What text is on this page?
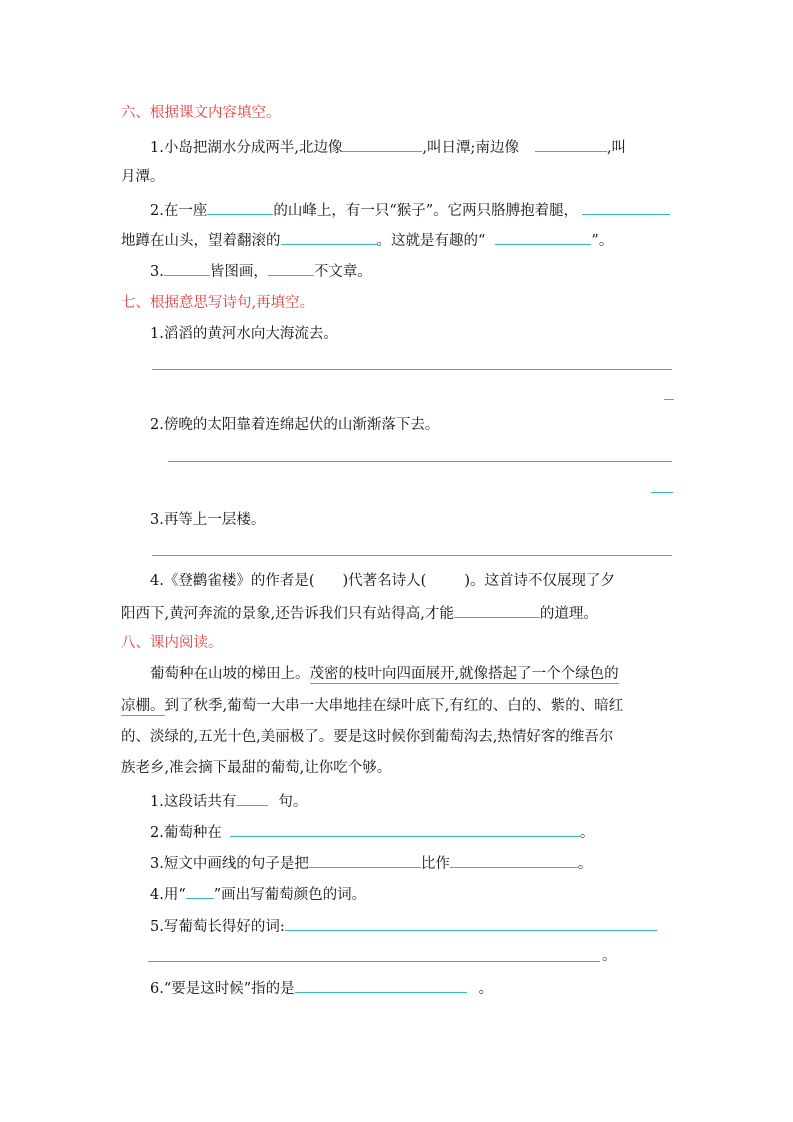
六、根据课文内容填空。
1.小岛把湖水分成两半,北边像	,叫日潭;南边像	,叫
月潭。
2.在一座	的山峰上，有一只“猴子”。它两只胳膊抱着腿，
地蹲在山头，望着翻滚的	。这就是有趣的“	”。
3.	皆图画，	不文章。
七、根据意思写诗句,再填空。
1.滔滔的黄河水向大海流去。
2.傍晚的太阳靠着连绵起伏的山渐渐落下去。
3.再等上一层楼。
4.《登鹳雀楼》的作者是( )代著名诗人(	)。这首诗不仅展现了夕
阳西下,黄河奔流的景象,还告诉我们只有站得高,才能	的道理。
八、课内阅读。
葡萄种在山坡的梯田上。茂密的枝叶向四面展开,就像搭起了一个个绿色的
凉棚。到了秋季,葡萄一大串一大串地挂在绿叶底下,有红的、白的、紫的、暗红
的、淡绿的,五光十色,美丽极了。要是这时候你到葡萄沟去,热情好客的维吾尔
族老乡,准会摘下最甜的葡萄,让你吃个够。
1.这段话共有	句。
2.葡萄种在	。
3.短文中画线的句子是把	比作	。
4.用“ ”画出写葡萄颜色的词。
5.写葡萄长得好的词:
。
6.“要是这时候”指的是	。
